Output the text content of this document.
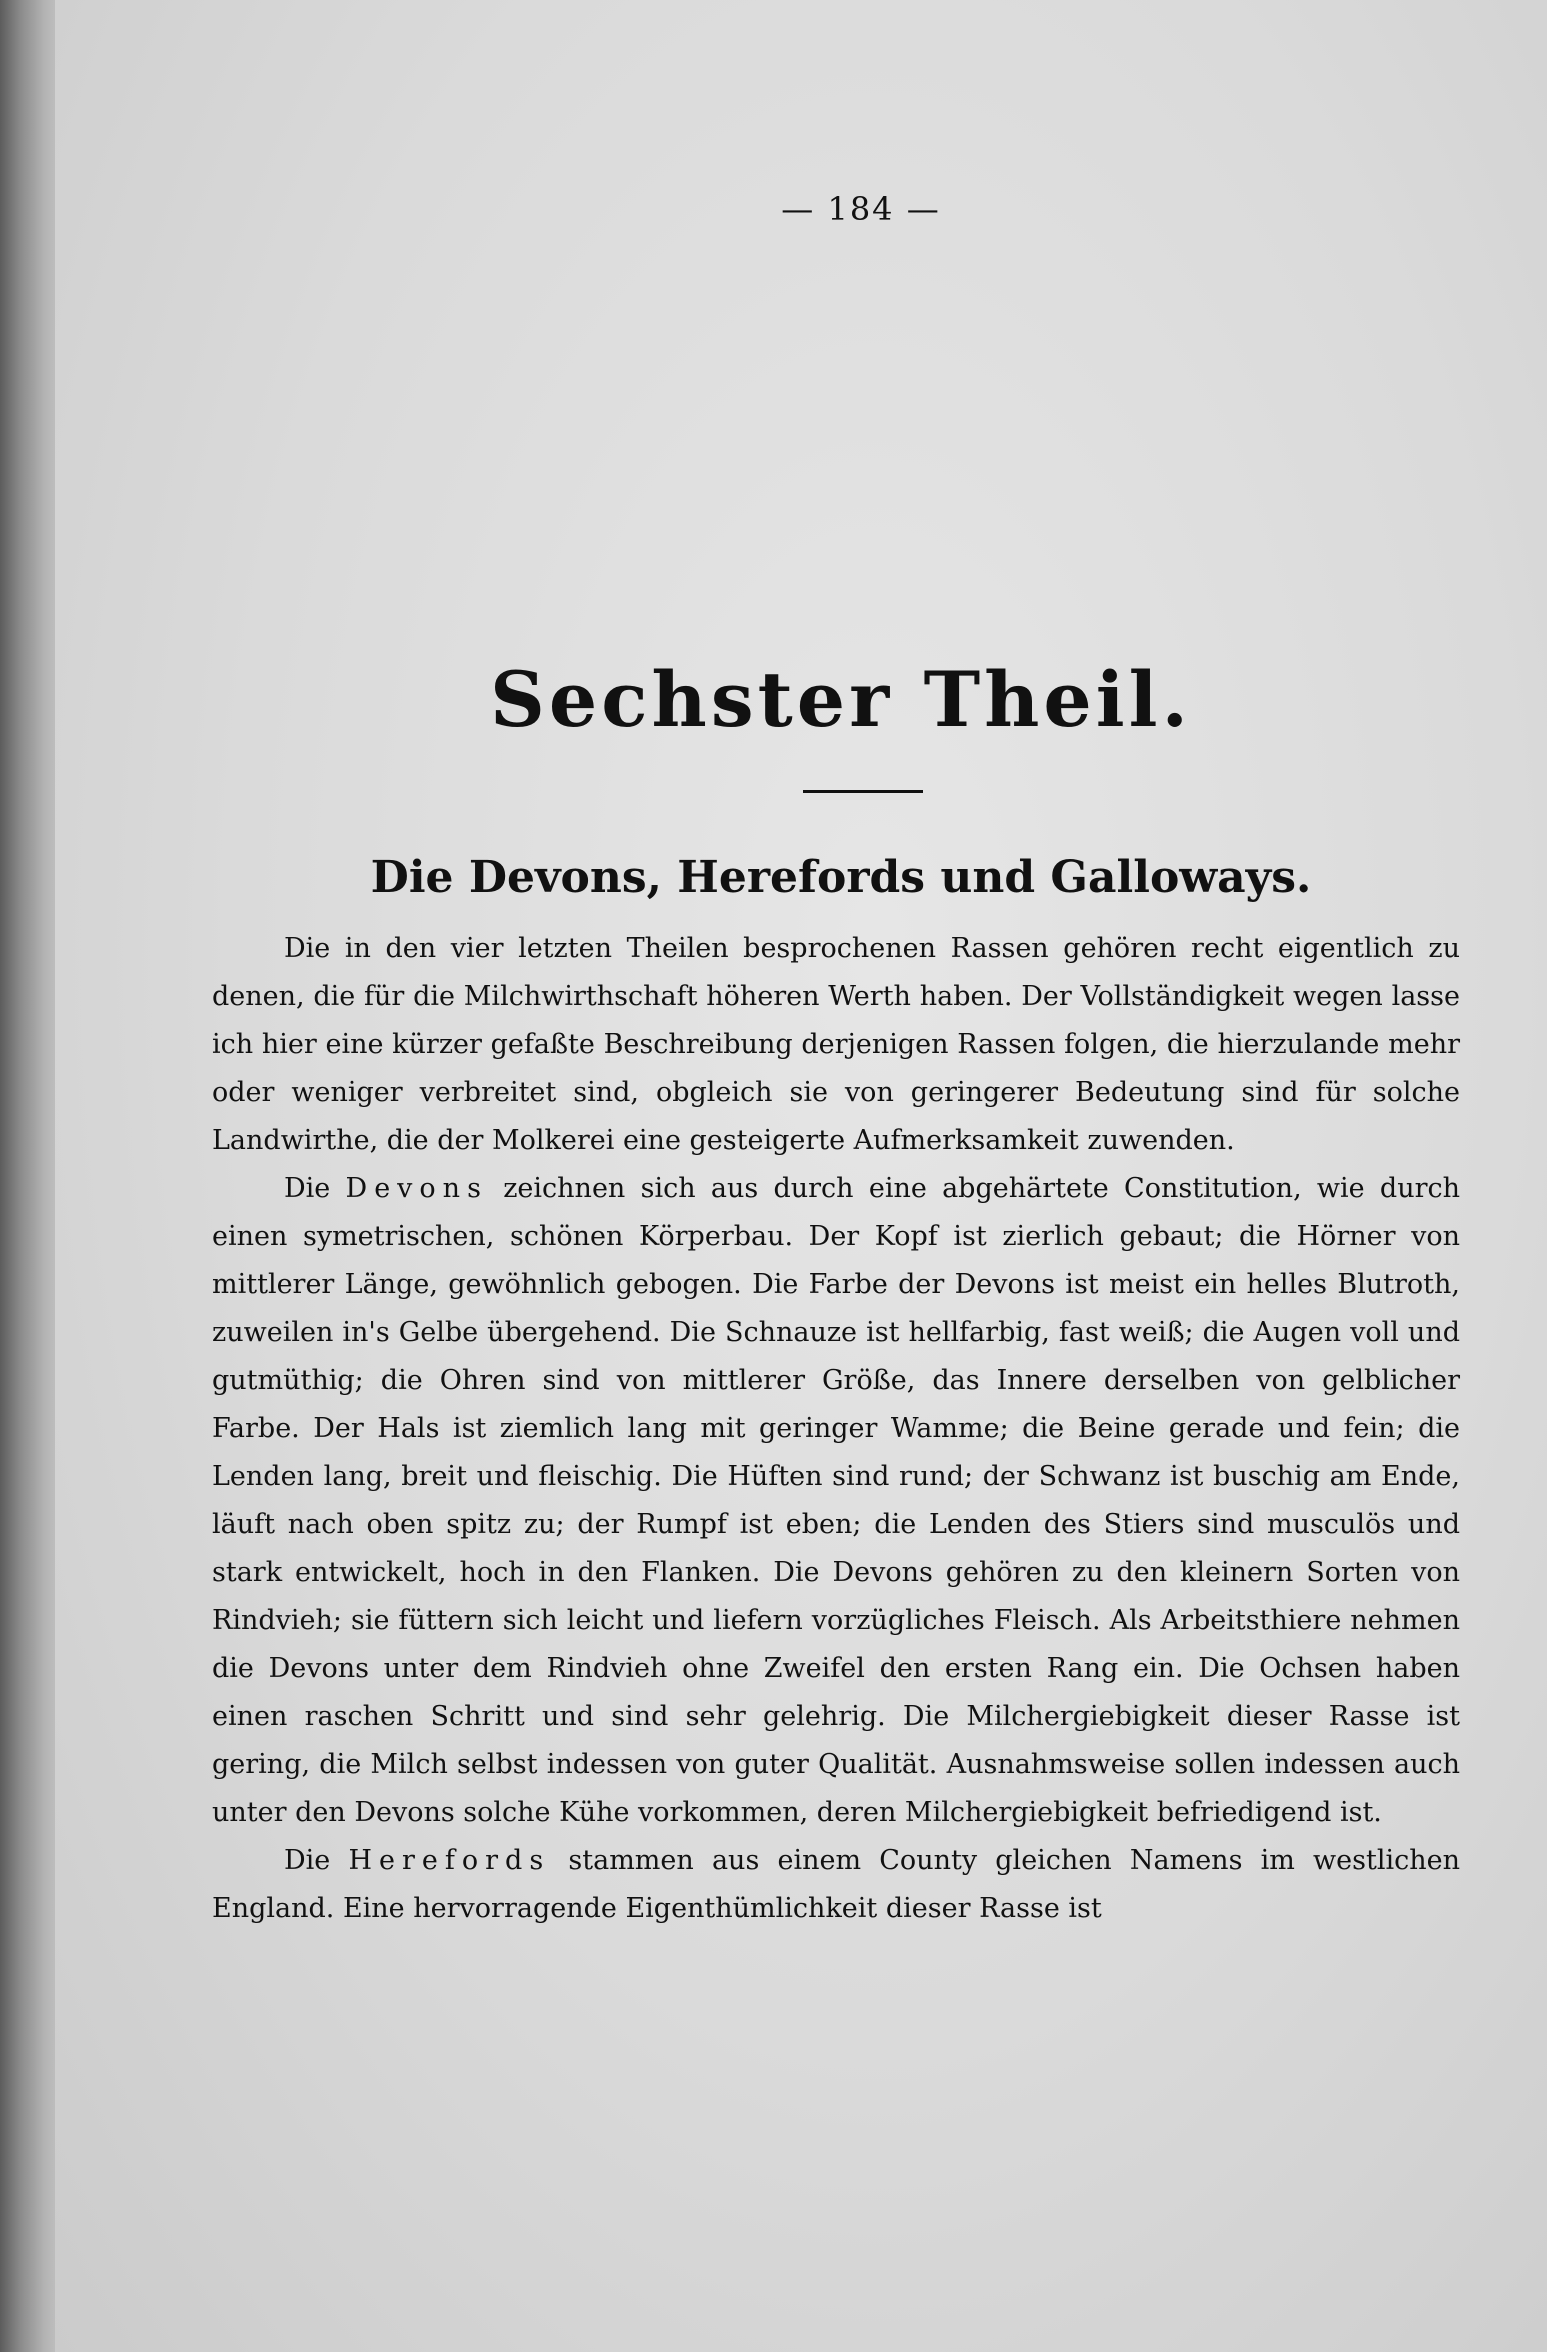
— 184 —
Sechster Theil.
Die Devons, Herefords und Galloways.

Die in den vier letzten Theilen besprochenen Rassen gehören recht eigentlich zu denen, die für die Milchwirthschaft höheren Werth haben. Der Vollständigkeit wegen lasse ich hier eine kürzer gefaßte Beschreibung derjenigen Rassen folgen, die hierzulande mehr oder weniger verbreitet sind, obgleich sie von geringerer Bedeutung sind für solche Landwirthe, die der Molkerei eine gesteigerte Aufmerksamkeit zuwenden.

Die Devons zeichnen sich aus durch eine abgehärtete Constitution, wie durch einen symetrischen, schönen Körperbau. Der Kopf ist zierlich gebaut; die Hörner von mittlerer Länge, gewöhnlich gebogen. Die Farbe der Devons ist meist ein helles Blutroth, zuweilen in's Gelbe übergehend. Die Schnauze ist hellfarbig, fast weiß; die Augen voll und gutmüthig; die Ohren sind von mittlerer Größe, das Innere derselben von gelblicher Farbe. Der Hals ist ziemlich lang mit geringer Wamme; die Beine gerade und fein; die Lenden lang, breit und fleischig. Die Hüften sind rund; der Schwanz ist buschig am Ende, läuft nach oben spitz zu; der Rumpf ist eben; die Lenden des Stiers sind musculös und stark entwickelt, hoch in den Flanken. Die Devons gehören zu den kleinern Sorten von Rindvieh; sie füttern sich leicht und liefern vorzügliches Fleisch. Als Arbeitsthiere nehmen die Devons unter dem Rindvieh ohne Zweifel den ersten Rang ein. Die Ochsen haben einen raschen Schritt und sind sehr gelehrig. Die Milchergiebigkeit dieser Rasse ist gering, die Milch selbst indessen von guter Qualität. Ausnahmsweise sollen indessen auch unter den Devons solche Kühe vorkommen, deren Milchergiebigkeit befriedigend ist.

Die Herefords stammen aus einem County gleichen Namens im westlichen England. Eine hervorragende Eigenthümlichkeit dieser Rasse ist
